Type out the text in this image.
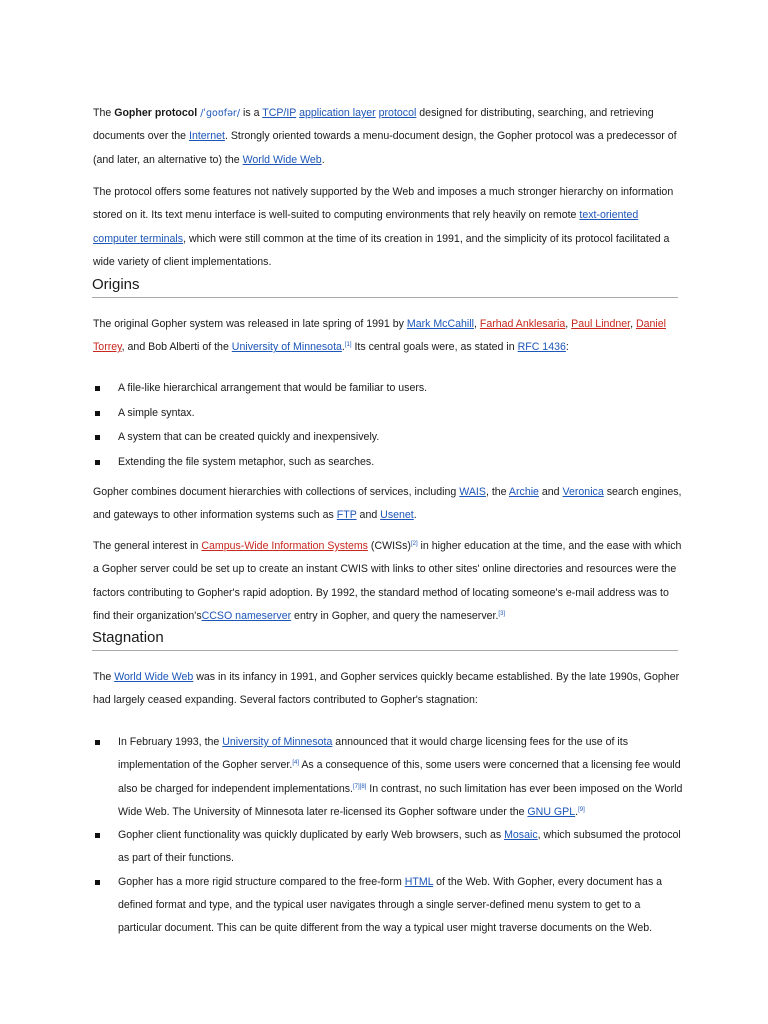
The Gopher protocol /ˈɡoʊfər/ is a TCP/IP application layer protocol designed for distributing, searching, and retrieving documents over the Internet. Strongly oriented towards a menu-document design, the Gopher protocol was a predecessor of (and later, an alternative to) the World Wide Web.

The protocol offers some features not natively supported by the Web and imposes a much stronger hierarchy on information stored on it. Its text menu interface is well-suited to computing environments that rely heavily on remote text-oriented computer terminals, which were still common at the time of its creation in 1991, and the simplicity of its protocol facilitated a wide variety of client implementations.

Origins

The original Gopher system was released in late spring of 1991 by Mark McCahill, Farhad Anklesaria, Paul Lindner, Daniel Torrey, and Bob Alberti of the University of Minnesota.[1] Its central goals were, as stated in RFC 1436:

A file-like hierarchical arrangement that would be familiar to users.
A simple syntax.
A system that can be created quickly and inexpensively.
Extending the file system metaphor, such as searches.

Gopher combines document hierarchies with collections of services, including WAIS, the Archie and Veronica search engines, and gateways to other information systems such as FTP and Usenet.

The general interest in Campus-Wide Information Systems (CWISs)[2] in higher education at the time, and the ease with which a Gopher server could be set up to create an instant CWIS with links to other sites' online directories and resources were the factors contributing to Gopher's rapid adoption. By 1992, the standard method of locating someone's e-mail address was to find their organization'sCCSO nameserver entry in Gopher, and query the nameserver.[3]

Stagnation

The World Wide Web was in its infancy in 1991, and Gopher services quickly became established. By the late 1990s, Gopher had largely ceased expanding. Several factors contributed to Gopher's stagnation:

In February 1993, the University of Minnesota announced that it would charge licensing fees for the use of its implementation of the Gopher server.[4] As a consequence of this, some users were concerned that a licensing fee would also be charged for independent implementations.[7][8] In contrast, no such limitation has ever been imposed on the World Wide Web. The University of Minnesota later re-licensed its Gopher software under the GNU GPL.[9]
Gopher client functionality was quickly duplicated by early Web browsers, such as Mosaic, which subsumed the protocol as part of their functions.
Gopher has a more rigid structure compared to the free-form HTML of the Web. With Gopher, every document has a defined format and type, and the typical user navigates through a single server-defined menu system to get to a particular document. This can be quite different from the way a typical user might traverse documents on the Web.
